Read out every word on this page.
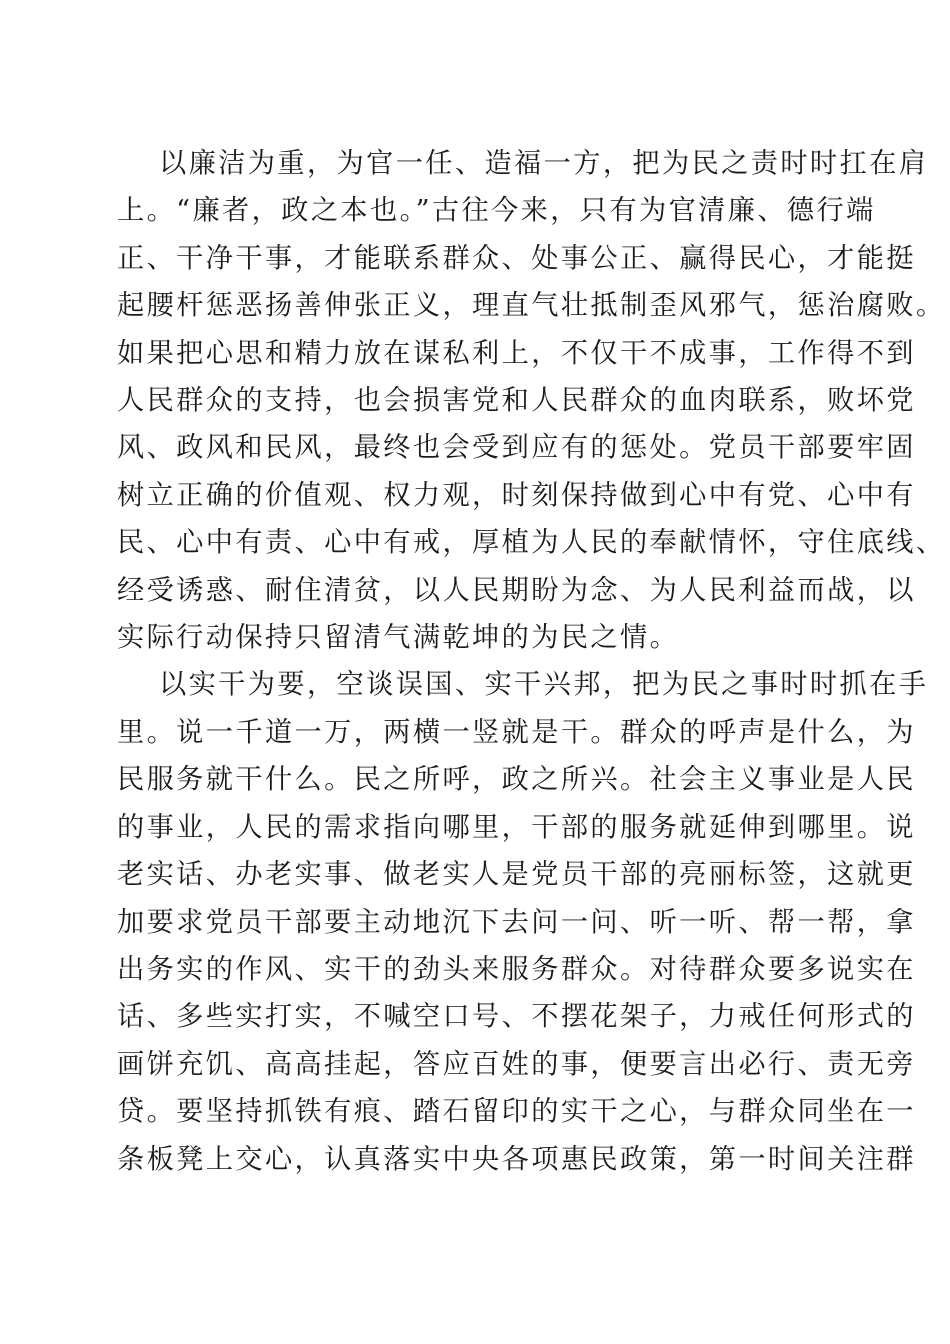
以廉洁为重，为官一任、造福一方，把为民之责时时扛在肩
上。“廉者，政之本也。”古往今来，只有为官清廉、德行端
正、干净干事，才能联系群众、处事公正、赢得民心，才能挺
起腰杆惩恶扬善伸张正义，理直气壮抵制歪风邪气，惩治腐败。
如果把心思和精力放在谋私利上，不仅干不成事，工作得不到
人民群众的支持，也会损害党和人民群众的血肉联系，败坏党
风、政风和民风，最终也会受到应有的惩处。党员干部要牢固
树立正确的价值观、权力观，时刻保持做到心中有党、心中有
民、心中有责、心中有戒，厚植为人民的奉献情怀，守住底线、
经受诱惑、耐住清贫，以人民期盼为念、为人民利益而战，以
实际行动保持只留清气满乾坤的为民之情。
以实干为要，空谈误国、实干兴邦，把为民之事时时抓在手
里。说一千道一万，两横一竖就是干。群众的呼声是什么，为
民服务就干什么。民之所呼，政之所兴。社会主义事业是人民
的事业，人民的需求指向哪里，干部的服务就延伸到哪里。说
老实话、办老实事、做老实人是党员干部的亮丽标签，这就更
加要求党员干部要主动地沉下去问一问、听一听、帮一帮，拿
出务实的作风、实干的劲头来服务群众。对待群众要多说实在
话、多些实打实，不喊空口号、不摆花架子，力戒任何形式的
画饼充饥、高高挂起，答应百姓的事，便要言出必行、责无旁
贷。要坚持抓铁有痕、踏石留印的实干之心，与群众同坐在一
条板凳上交心，认真落实中央各项惠民政策，第一时间关注群
